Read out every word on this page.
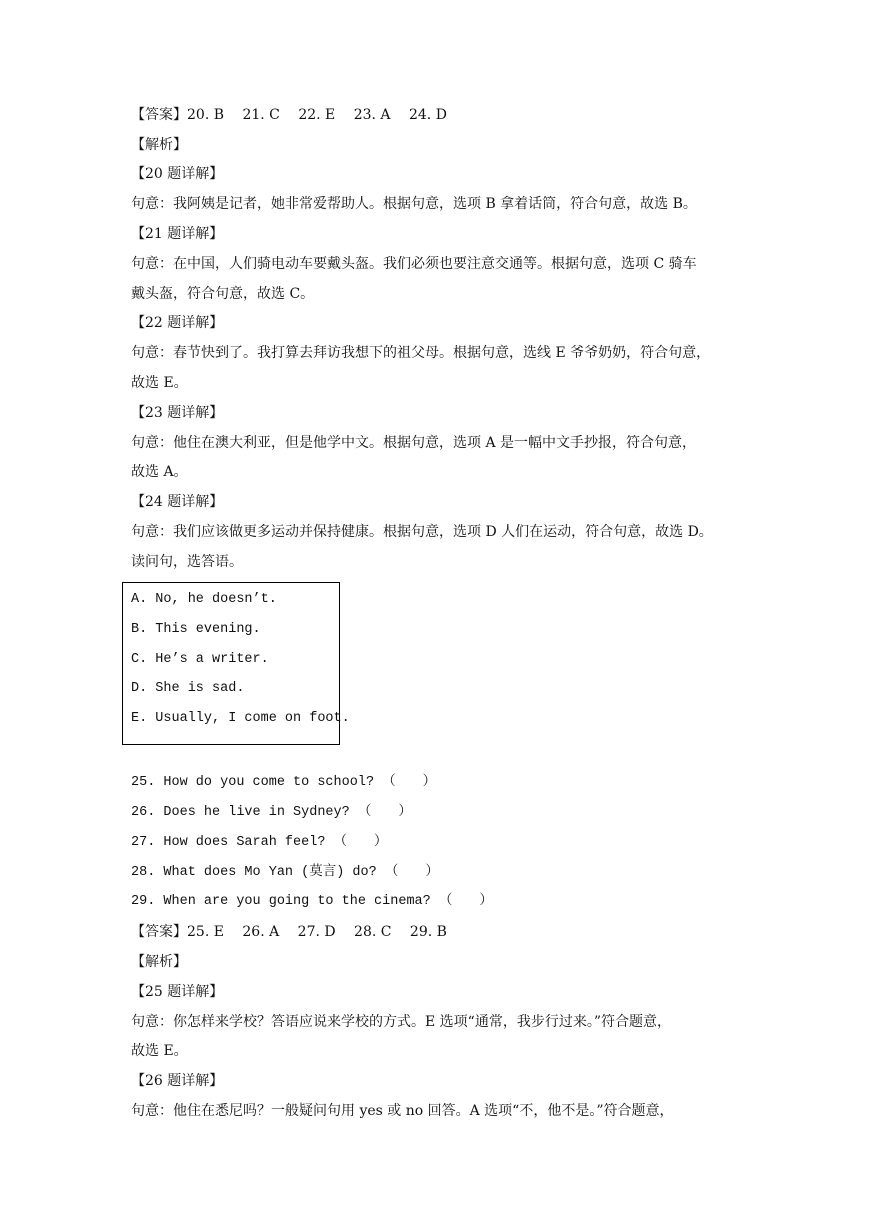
【答案】20. B　 21. C　 22. E　 23. A　 24. D
【解析】
【20 题详解】
句意：我阿姨是记者，她非常爱帮助人。根据句意，选项 B 拿着话筒，符合句意，故选 B。
【21 题详解】
句意：在中国，人们骑电动车要戴头盔。我们必须也要注意交通等。根据句意，选项 C 骑车
戴头盔，符合句意，故选 C。
【22 题详解】
句意：春节快到了。我打算去拜访我想下的祖父母。根据句意，选线 E 爷爷奶奶，符合句意，
故选 E。
【23 题详解】
句意：他住在澳大利亚，但是他学中文。根据句意，选项 A 是一幅中文手抄报，符合句意，
故选 A。
【24 题详解】
句意：我们应该做更多运动并保持健康。根据句意，选项 D 人们在运动，符合句意，故选 D。
读问句，选答语。
A. No, he doesn’t.
B. This evening.
C. He’s a writer.
D. She is sad.
E. Usually, I come on foot.
25. How do you come to school? （　　）
26. Does he live in Sydney? （　　）
27. How does Sarah feel? （　　）
28. What does Mo Yan (莫言) do? （　　）
29. When are you going to the cinema? （　　）
【答案】25. E　 26. A　 27. D　 28. C　 29. B
【解析】
【25 题详解】
句意：你怎样来学校？答语应说来学校的方式。E 选项“通常，我步行过来。”符合题意，
故选 E。
【26 题详解】
句意：他住在悉尼吗？一般疑问句用 yes 或 no 回答。A 选项“不，他不是。”符合题意，
